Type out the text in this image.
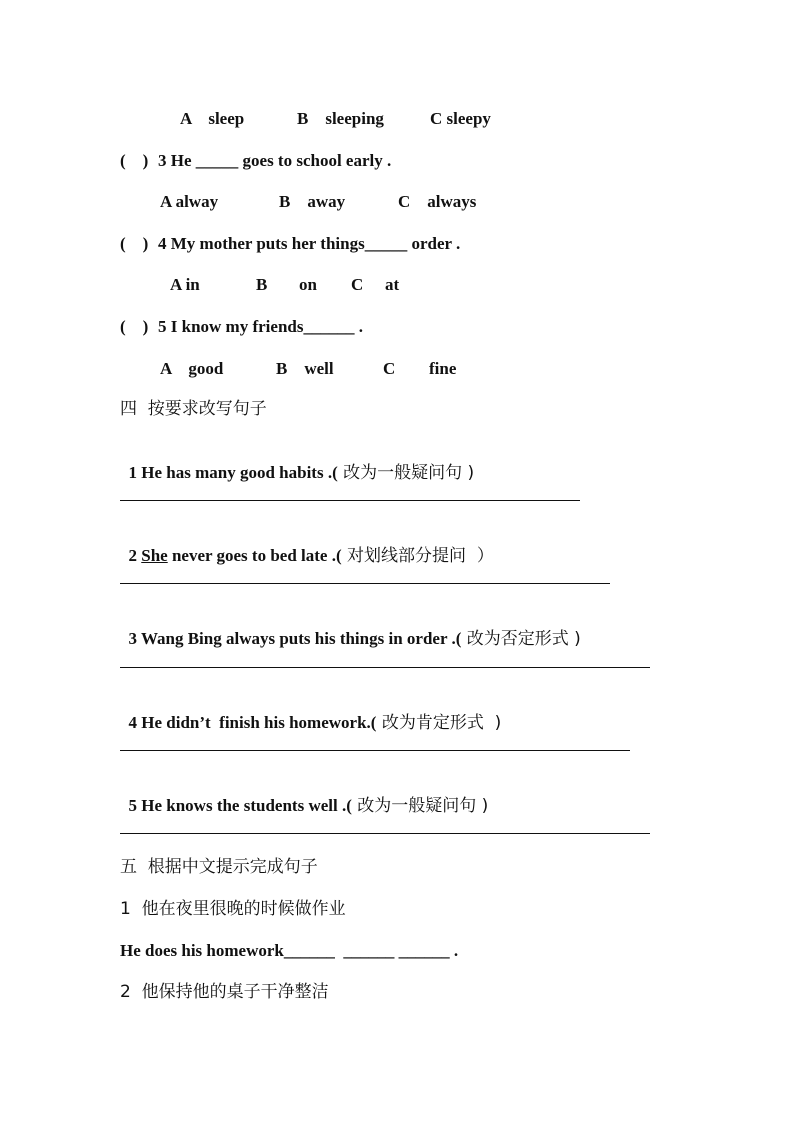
A    sleep	B    sleeping	C sleepy
(    ) 3 He _____ goes to school early .
A alway	B    away	C    always
(    ) 4 My mother puts her things_____ order .
A in	B on C at
(    ) 5 I know my friends______ .
A    good	B    well	C fine
四  按要求改写句子

1 He has many good habits .( 改为一般疑问句 )

2 She never goes to bed late .( 对划线部分提问  ）

3 Wang Bing always puts his things in order .( 改为否定形式 )

4 He didn’t  finish his homework.( 改为肯定形式  )

5 He knows the students well .( 改为一般疑问句 )

五  根据中文提示完成句子
1  他在夜里很晚的时候做作业
He does his homework______  ______ ______ .
2  他保持他的桌子干净整洁
